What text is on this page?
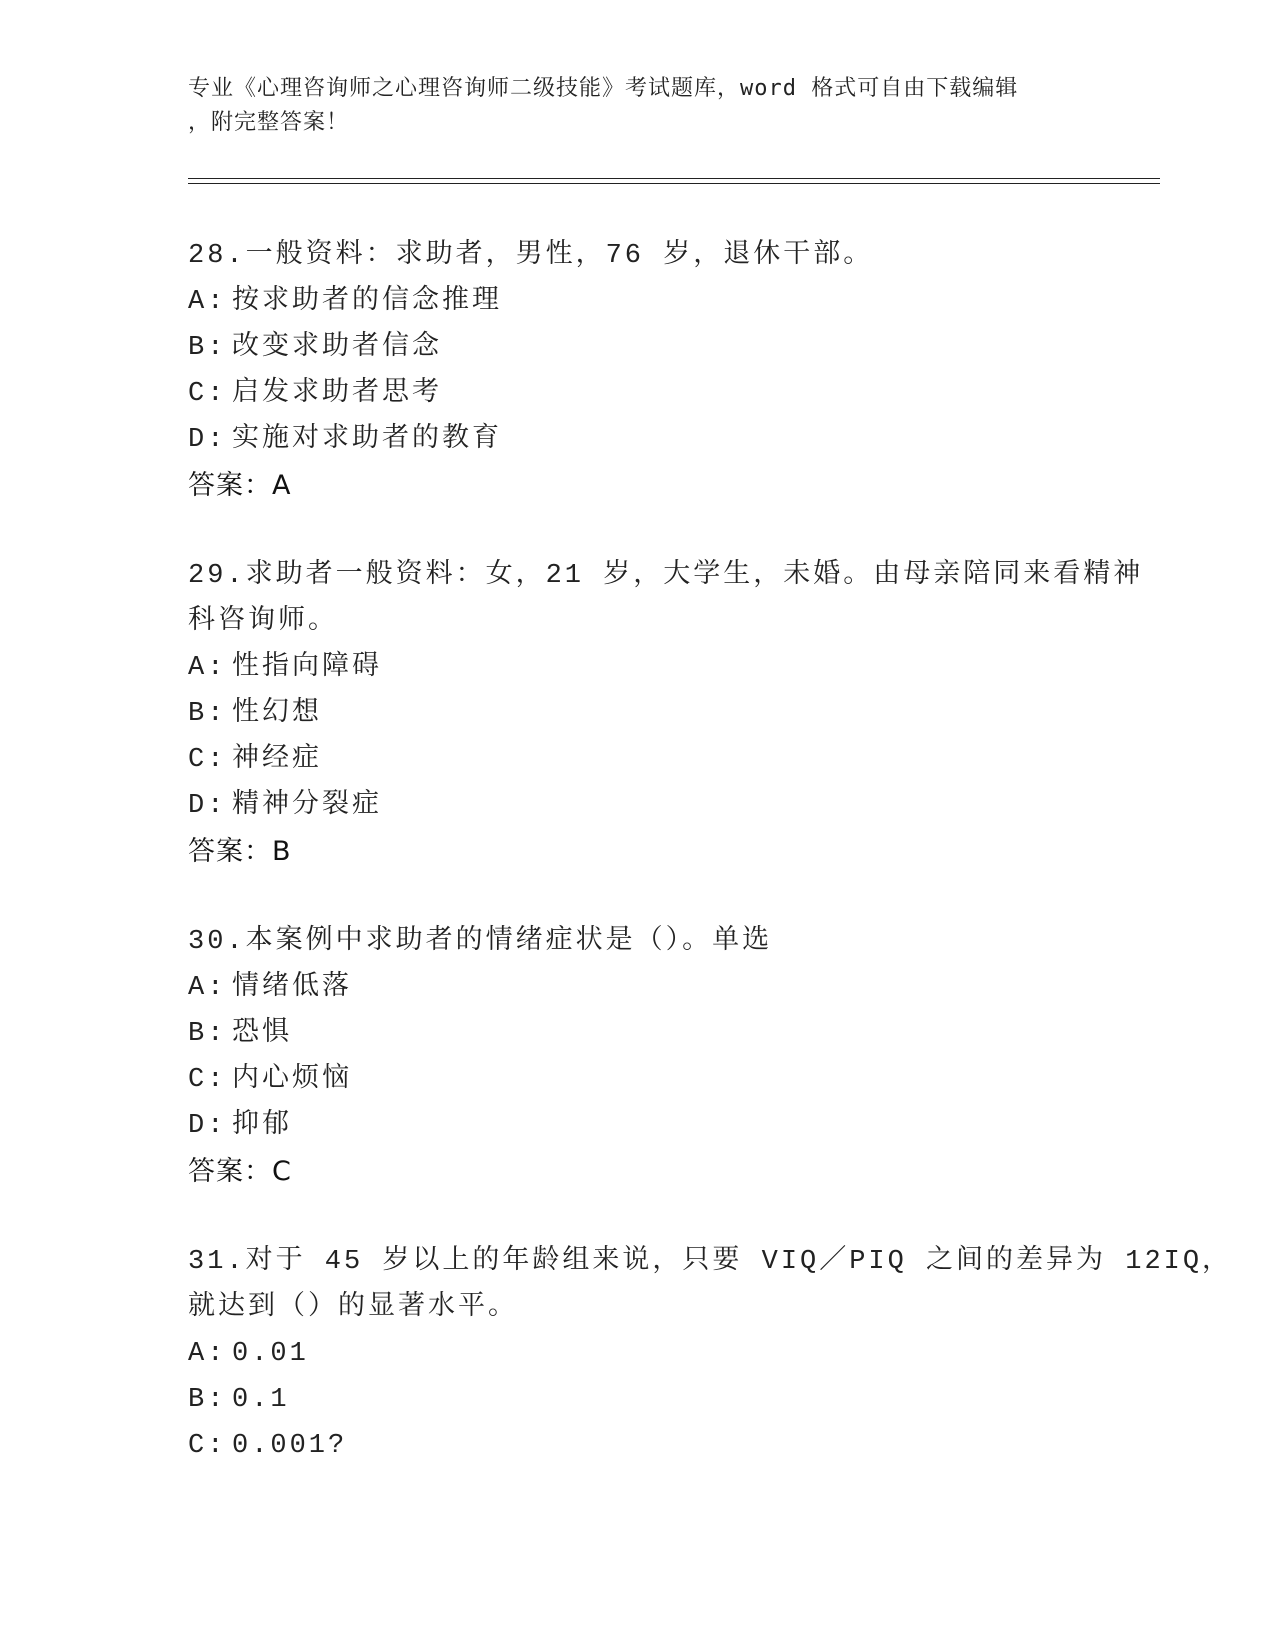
专业《心理咨询师之心理咨询师二级技能》考试题库，word 格式可自由下载编辑
，附完整答案！
28.一般资料：求助者，男性，76 岁，退休干部。
A: 按求助者的信念推理
B: 改变求助者信念
C: 启发求助者思考
D: 实施对求助者的教育
答案：A
29.求助者一般资料：女，21 岁，大学生，未婚。由母亲陪同来看精神
科咨询师。
A: 性指向障碍
B: 性幻想
C: 神经症
D: 精神分裂症
答案：B
30.本案例中求助者的情绪症状是（）。单选
A: 情绪低落
B: 恐惧
C: 内心烦恼
D: 抑郁
答案：C
31.对于 45 岁以上的年龄组来说，只要 VIQ／PIQ 之间的差异为 12IQ，
就达到（）的显著水平。
A: 0.01
B: 0.1
C: 0.001?
